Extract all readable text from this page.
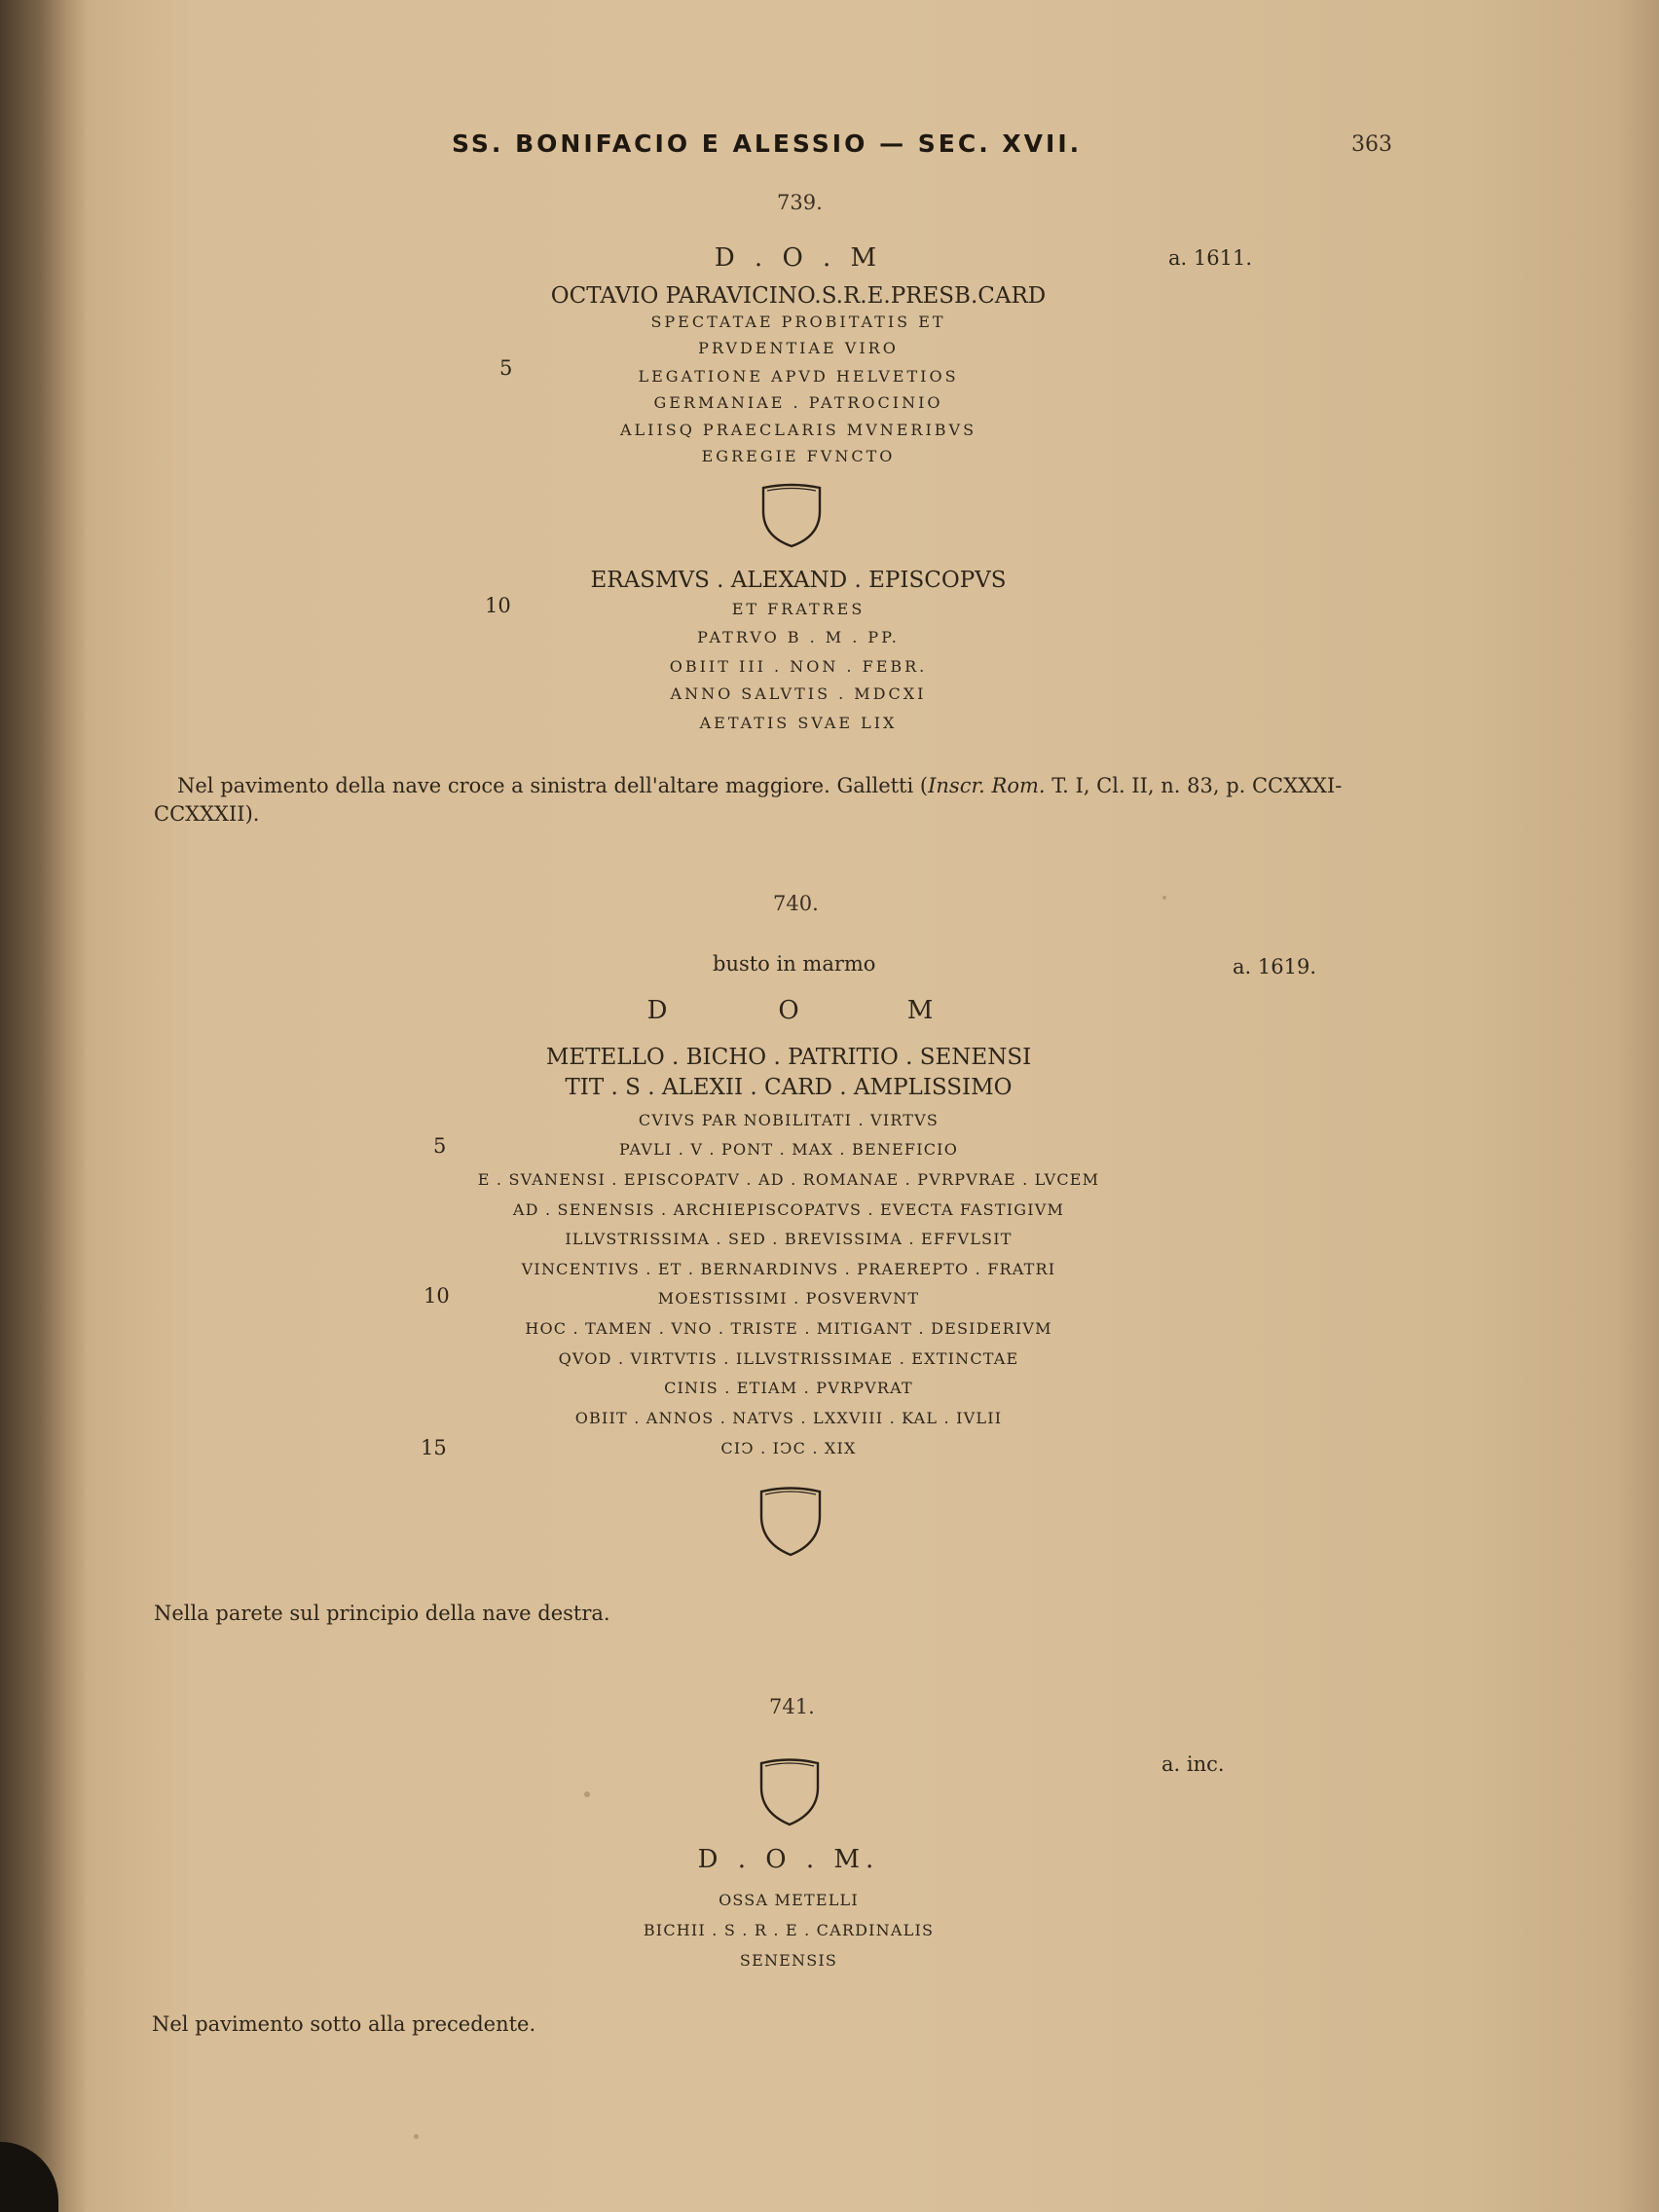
SS. BONIFACIO E ALESSIO — SEC. XVII.	363
739.

D . O . M

OCTAVIO PARAVICINO.S.R.E.PRESB.CARD

SPECTATAE PROBITATIS ET

PRVDENTIAE VIRO

LEGATIONE APVD HELVETIOS

GERMANIAE . PATROCINIO

ALIISQ PRAECLARIS MVNERIBVS

EGREGIE FVNCTO

ERASMVS . ALEXAND . EPISCOPVS

ET FRATRES

PATRVO B . M . PP.

OBIIT III . NON . FEBR.

ANNO SALVTIS . MDCXI

AETATIS SVAE LIX

a. 1611.
5
10
Nel pavimento della nave croce a sinistra dell'altare maggiore. Galletti (Inscr. Rom. T. I, Cl. II, n. 83, p. CCXXXI-
CCXXXII).
740.
busto in marmo	a. 1619.

D	O	M

METELLO . BICHO . PATRITIO . SENENSI

TIT . S . ALEXII . CARD . AMPLISSIMO

CVIVS PAR NOBILITATI . VIRTVS

PAVLI . V . PONT . MAX . BENEFICIO

E . SVANENSI . EPISCOPATV . AD . ROMANAE . PVRPVRAE . LVCEM

AD . SENENSIS . ARCHIEPISCOPATVS . EVECTA FASTIGIVM

ILLVSTRISSIMA . SED . BREVISSIMA . EFFVLSIT

VINCENTIVS . ET . BERNARDINVS . PRAEREPTO . FRATRI

MOESTISSIMI . POSVERVNT

HOC . TAMEN . VNO . TRISTE . MITIGANT . DESIDERIVM

QVOD . VIRTVTIS . ILLVSTRISSIMAE . EXTINCTAE

CINIS . ETIAM . PVRPVRAT

OBIIT . ANNOS . NATVS . LXXVIII . KAL . IVLII

CIↃ . IↃC . XIX

5
10
15
Nella parete sul principio della nave destra.
741.
a. inc.

D . O . M.

OSSA METELLI

BICHII . S . R . E . CARDINALIS

SENENSIS

Nel pavimento sotto alla precedente.
